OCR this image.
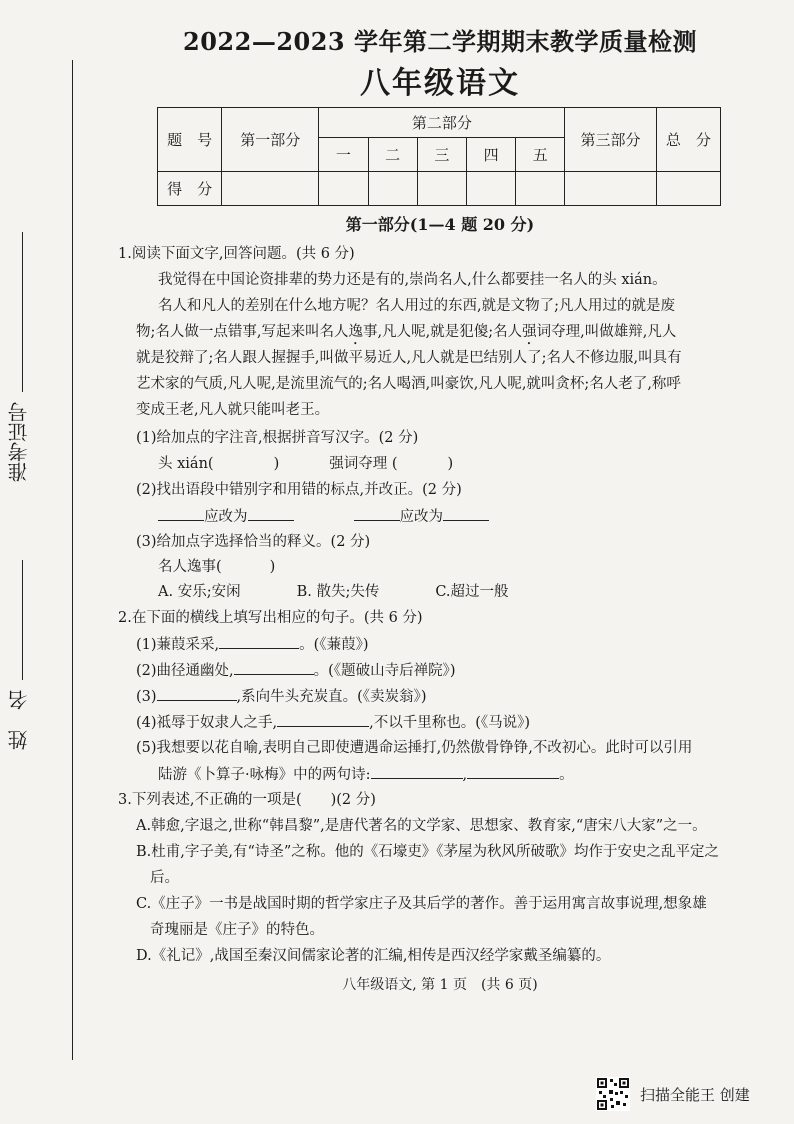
准考证号
姓　名
2022—2023 学年第二学期期末教学质量检测
八年级语文
题　号	第一部分	第二部分					第三部分	总　分
		一	二	三	四	五		
得　分								
第一部分(1—4 题 20 分)
1.阅读下面文字,回答问题。(共 6 分)
我觉得在中国论资排辈的势力还是有的,崇尚名人,什么都要挂一名人的头 xián。
名人和凡人的差别在什么地方呢？名人用过的东西,就是文物了;凡人用过的就是废
物;名人做一点错事,写起来叫名人逸事,凡人呢,就是犯傻;名人强词夺理,叫做雄辩,凡人
就是狡辩了;名人跟人握握手,叫做平易近人,凡人就是巴结别人了;名人不修边服,叫具有
艺术家的气质,凡人呢,是流里流气的;名人喝酒,叫豪饮,凡人呢,就叫贪杯;名人老了,称呼
变成王老,凡人就只能叫老王。
(1)给加点的字注音,根据拼音写汉字。(2 分)
头 xián(	)	强词夺理 (	)
(2)找出语段中错别字和用错的标点,并改正。(2 分)
应改为	应改为
(3)给加点字选择恰当的释义。(2 分)
名人逸事(	)
A. 安乐;安闲	B. 散失;失传	C.超过一般
2.在下面的横线上填写出相应的句子。(共 6 分)
(1)蒹葭采采,	。(《蒹葭》)
(2)曲径通幽处,	。(《题破山寺后禅院》)
(3)	,系向牛头充炭直。(《卖炭翁》)
(4)祗辱于奴隶人之手,	,不以千里称也。(《马说》)
(5)我想要以花自喻,表明自己即使遭遇命运捶打,仍然傲骨铮铮,不改初心。此时可以引用
陆游《卜算子·咏梅》中的两句诗:	,	。
3.下列表述,不正确的一项是(　　)(2 分)
A.韩愈,字退之,世称“韩昌黎”,是唐代著名的文学家、思想家、教育家,“唐宋八大家”之一。
B.杜甫,字子美,有“诗圣”之称。他的《石壕吏》《茅屋为秋风所破歌》均作于安史之乱平定之
后。
C.《庄子》一书是战国时期的哲学家庄子及其后学的著作。善于运用寓言故事说理,想象雄
奇瑰丽是《庄子》的特色。
D.《礼记》,战国至秦汉间儒家论著的汇编,相传是西汉经学家戴圣编纂的。
八年级语文, 第 1 页　(共 6 页)
扫描全能王 创建
